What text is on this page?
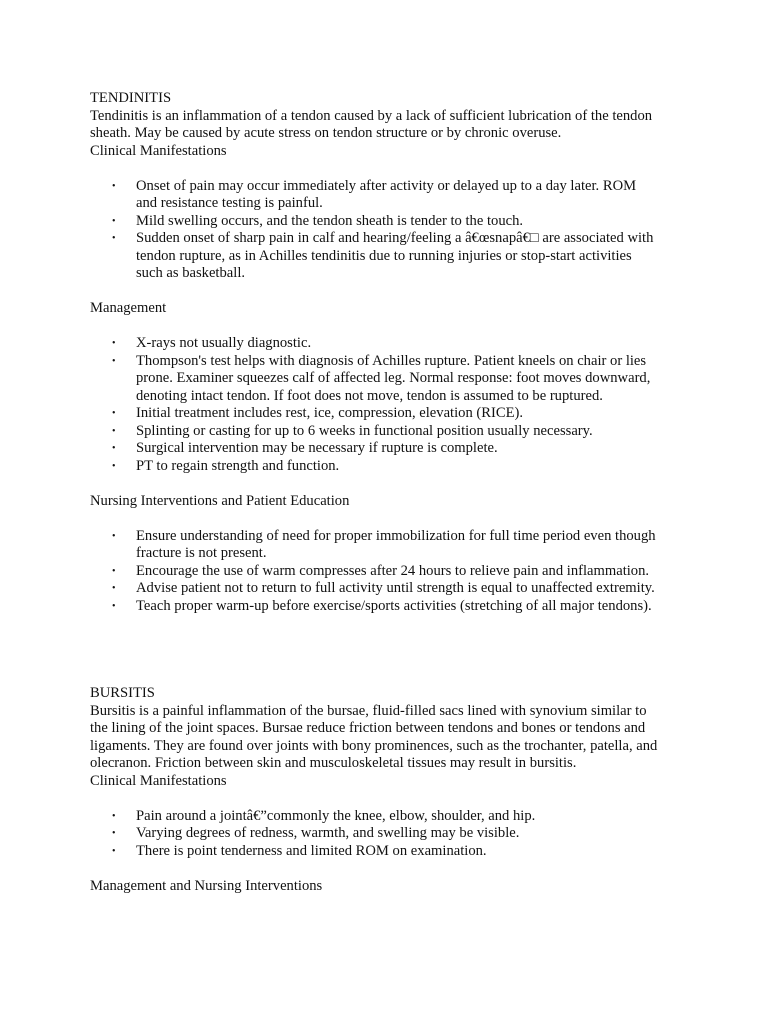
TENDINITIS

Tendinitis is an inflammation of a tendon caused by a lack of sufficient lubrication of the tendon

sheath. May be caused by acute stress on tendon structure or by chronic overuse.

Clinical Manifestations

• Onset of pain may occur immediately after activity or delayed up to a day later. ROM
and resistance testing is painful.
• Mild swelling occurs, and the tendon sheath is tender to the touch.
• Sudden onset of sharp pain in calf and hearing/feeling a â€œsnapâ€□ are associated with
tendon rupture, as in Achilles tendinitis due to running injuries or stop-start activities
such as basketball.

Management

• X-rays not usually diagnostic.
• Thompson's test helps with diagnosis of Achilles rupture. Patient kneels on chair or lies
prone. Examiner squeezes calf of affected leg. Normal response: foot moves downward,
denoting intact tendon. If foot does not move, tendon is assumed to be ruptured.
• Initial treatment includes rest, ice, compression, elevation (RICE).
• Splinting or casting for up to 6 weeks in functional position usually necessary.
• Surgical intervention may be necessary if rupture is complete.
• PT to regain strength and function.

Nursing Interventions and Patient Education

• Ensure understanding of need for proper immobilization for full time period even though
fracture is not present.
• Encourage the use of warm compresses after 24 hours to relieve pain and inflammation.
• Advise patient not to return to full activity until strength is equal to unaffected extremity.
• Teach proper warm-up before exercise/sports activities (stretching of all major tendons).

BURSITIS

Bursitis is a painful inflammation of the bursae, fluid-filled sacs lined with synovium similar to

the lining of the joint spaces. Bursae reduce friction between tendons and bones or tendons and

ligaments. They are found over joints with bony prominences, such as the trochanter, patella, and

olecranon. Friction between skin and musculoskeletal tissues may result in bursitis.

Clinical Manifestations

• Pain around a jointâ€”commonly the knee, elbow, shoulder, and hip.
• Varying degrees of redness, warmth, and swelling may be visible.
• There is point tenderness and limited ROM on examination.

Management and Nursing Interventions
